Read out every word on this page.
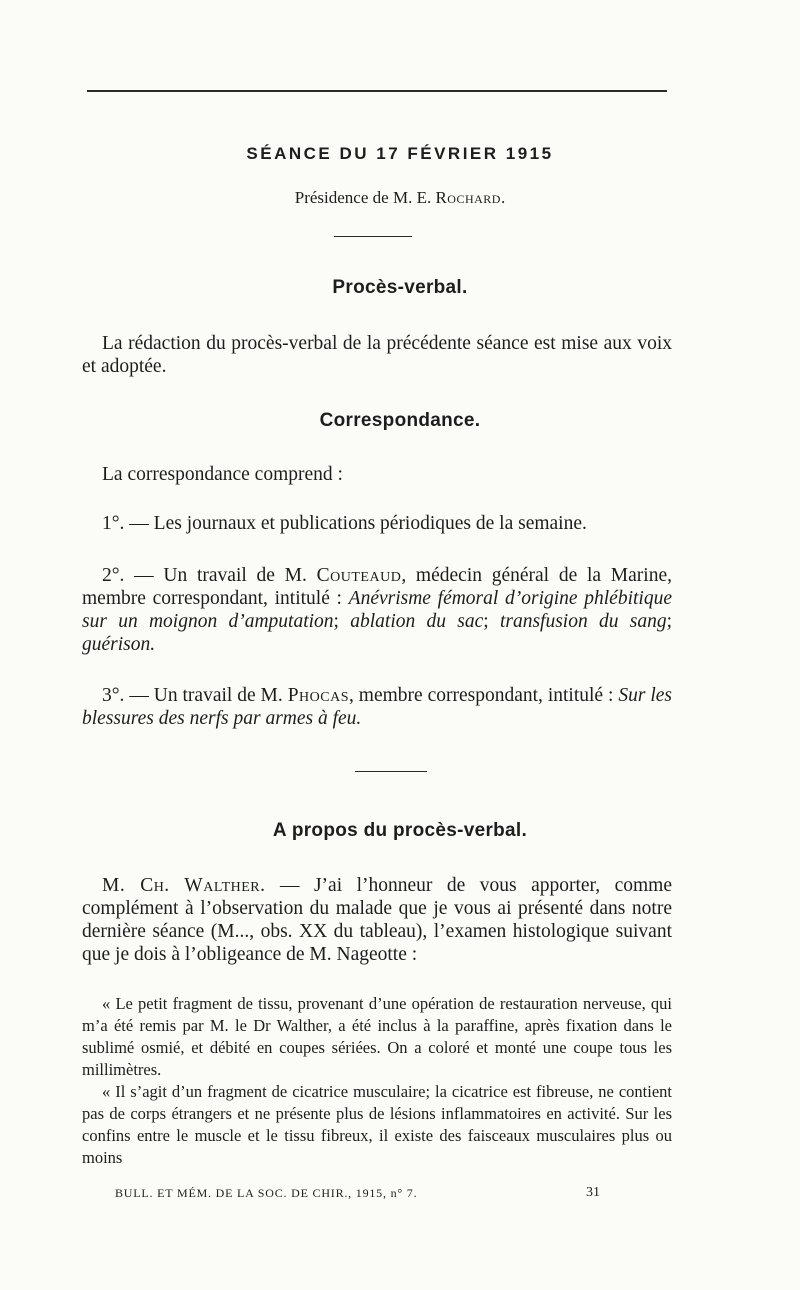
SÉANCE DU 17 FÉVRIER 1915
Présidence de M. E. Rochard.
Procès-verbal.
La rédaction du procès-verbal de la précédente séance est mise aux voix et adoptée.
Correspondance.
La correspondance comprend :
1°. — Les journaux et publications périodiques de la semaine.
2°. — Un travail de M. Couteaud, médecin général de la Marine, membre correspondant, intitulé : Anévrisme fémoral d’origine phlébitique sur un moignon d’amputation; ablation du sac; transfusion du sang; guérison.
3°. — Un travail de M. Phocas, membre correspondant, intitulé : Sur les blessures des nerfs par armes à feu.
A propos du procès-verbal.
M. Ch. Walther. — J’ai l’honneur de vous apporter, comme complément à l’observation du malade que je vous ai présenté dans notre dernière séance (M..., obs. XX du tableau), l’examen histologique suivant que je dois à l’obligeance de M. Nageotte :
« Le petit fragment de tissu, provenant d’une opération de restauration nerveuse, qui m’a été remis par M. le Dr Walther, a été inclus à la paraffine, après fixation dans le sublimé osmié, et débité en coupes sériées. On a coloré et monté une coupe tous les millimètres.
« Il s’agit d’un fragment de cicatrice musculaire; la cicatrice est fibreuse, ne contient pas de corps étrangers et ne présente plus de lésions inflammatoires en activité. Sur les confins entre le muscle et le tissu fibreux, il existe des faisceaux musculaires plus ou moins
BULL. ET MÉM. DE LA SOC. DE CHIR., 1915, n° 7.	31
